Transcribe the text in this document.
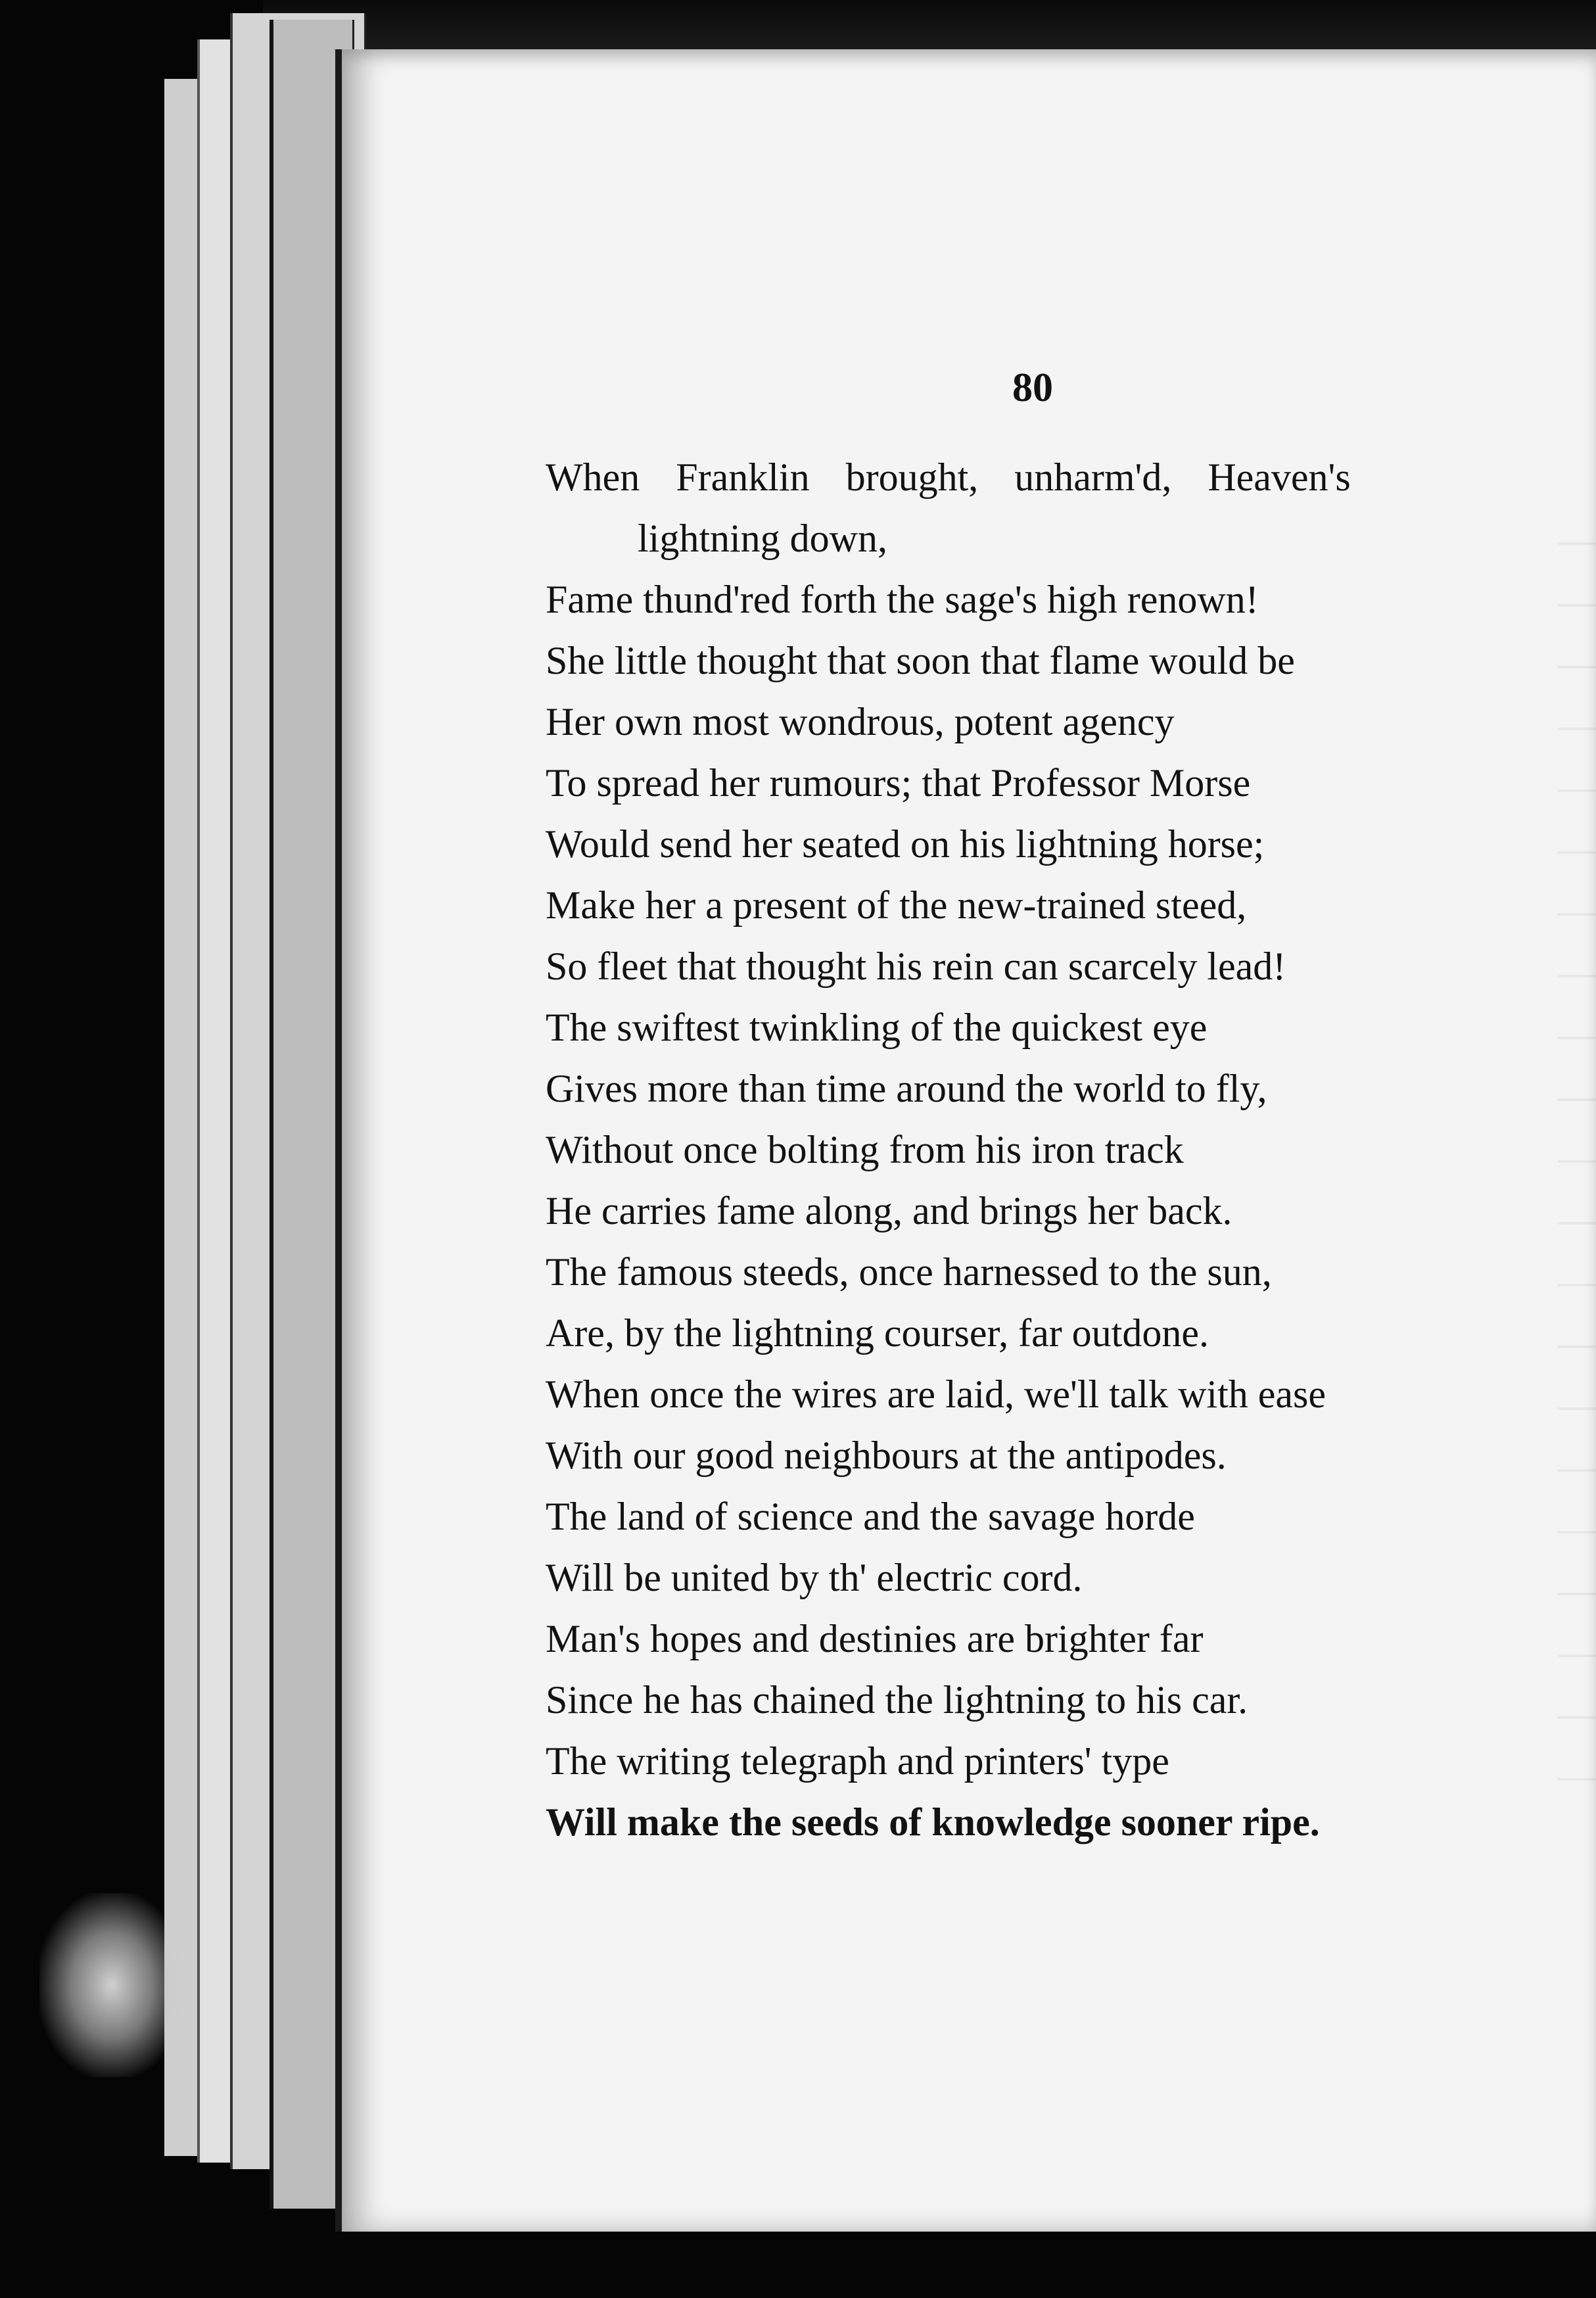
80
When Franklin brought, unharm'd, Heaven's
lightning down,
Fame thund'red forth the sage's high renown!
She little thought that soon that flame would be
Her own most wondrous, potent agency
To spread her rumours; that Professor Morse
Would send her seated on his lightning horse;
Make her a present of the new-trained steed,
So fleet that thought his rein can scarcely lead!
The swiftest twinkling of the quickest eye
Gives more than time around the world to fly,
Without once bolting from his iron track
He carries fame along, and brings her back.
The famous steeds, once harnessed to the sun,
Are, by the lightning courser, far outdone.
When once the wires are laid, we'll talk with ease
With our good neighbours at the antipodes.
The land of science and the savage horde
Will be united by th' electric cord.
Man's hopes and destinies are brighter far
Since he has chained the lightning to his car.
The writing telegraph and printers' type
Will make the seeds of knowledge sooner ripe.
